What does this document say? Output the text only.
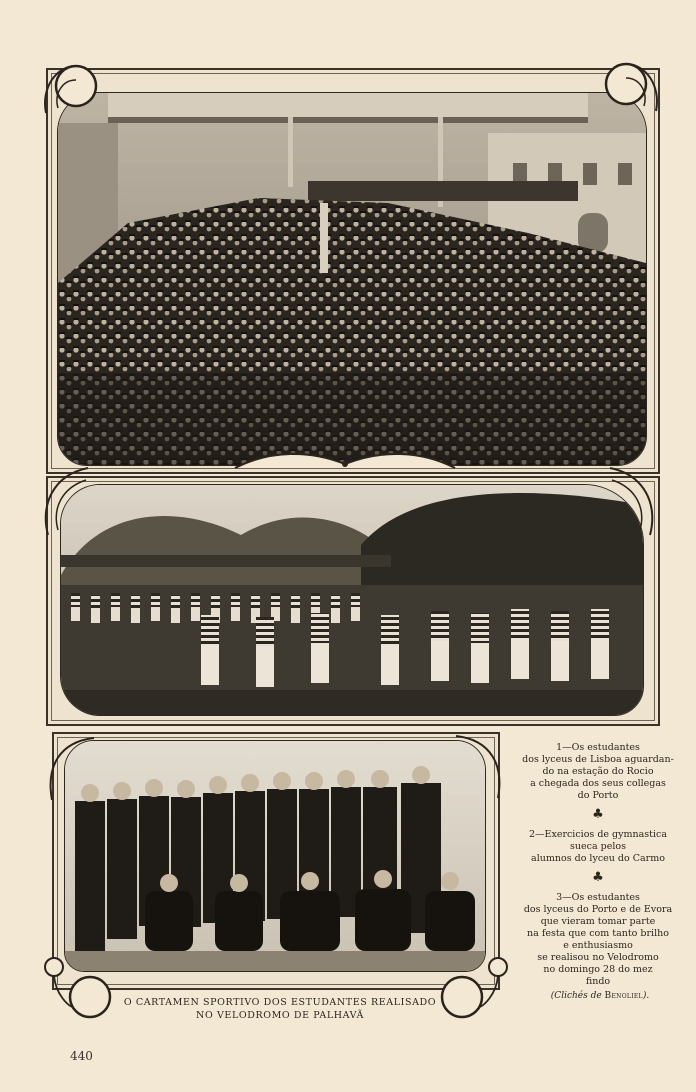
1—Os estudantes
dos lyceus de Lisboa aguardan-
do na estação do Rocio
a chegada dos seus collegas
do Porto

♣

2—Exercicios de gymnastica
sueca pelos
alumnos do lyceu do Carmo

♣

3—Os estudantes
dos lyceus do Porto e de Evora
que vieram tomar parte
na festa que com tanto brilho
e enthusiasmo
se realisou no Velodromo
no domingo 28 do mez
findo

(Clichés de Benoliel).
O CARTAMEN SPORTIVO DOS ESTUDANTES REALISADO
NO VELODROMO DE PALHAVÃ
440
